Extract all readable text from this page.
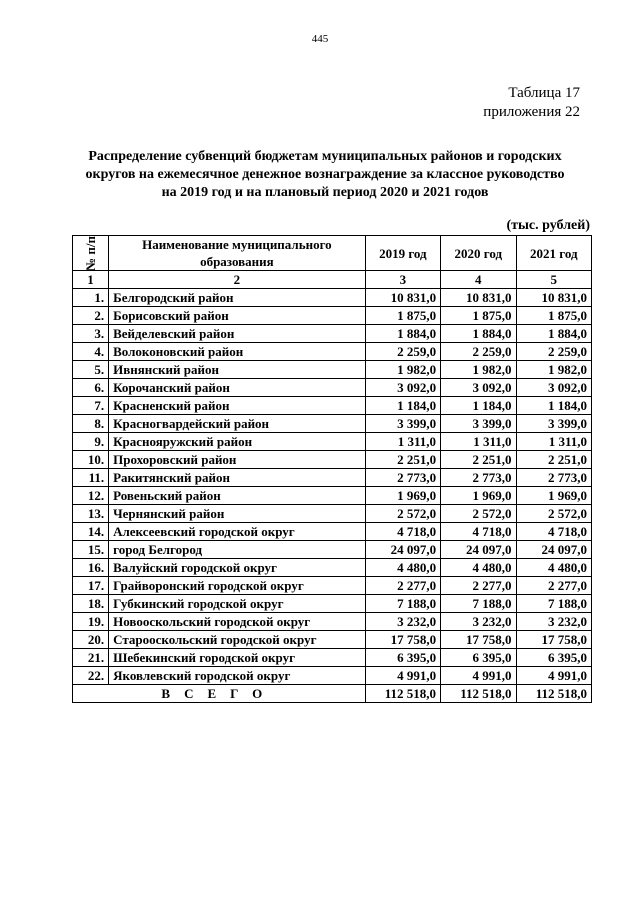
445
Таблица 17
приложения 22
Распределение субвенций бюджетам муниципальных районов и городских
округов на ежемесячное денежное вознаграждение за классное руководство
на 2019 год и на плановый период 2020 и 2021 годов
(тыс. рублей)
№ п/п	Наименование муниципального образования	2019 год	2020 год	2021 год
1	2	3	4	5
1.	Белгородский район	10 831,0	10 831,0	10 831,0
2.	Борисовский район	1 875,0	1 875,0	1 875,0
3.	Вейделевский район	1 884,0	1 884,0	1 884,0
4.	Волоконовский район	2 259,0	2 259,0	2 259,0
5.	Ивнянский район	1 982,0	1 982,0	1 982,0
6.	Корочанский район	3 092,0	3 092,0	3 092,0
7.	Красненский район	1 184,0	1 184,0	1 184,0
8.	Красногвардейский район	3 399,0	3 399,0	3 399,0
9.	Краснояружский район	1 311,0	1 311,0	1 311,0
10.	Прохоровский район	2 251,0	2 251,0	2 251,0
11.	Ракитянский район	2 773,0	2 773,0	2 773,0
12.	Ровеньский район	1 969,0	1 969,0	1 969,0
13.	Чернянский район	2 572,0	2 572,0	2 572,0
14.	Алексеевский городской округ	4 718,0	4 718,0	4 718,0
15.	город Белгород	24 097,0	24 097,0	24 097,0
16.	Валуйский городской округ	4 480,0	4 480,0	4 480,0
17.	Грайворонский городской округ	2 277,0	2 277,0	2 277,0
18.	Губкинский городской округ	7 188,0	7 188,0	7 188,0
19.	Новооскольский городской округ	3 232,0	3 232,0	3 232,0
20.	Старооскольский городской округ	17 758,0	17 758,0	17 758,0
21.	Шебекинский городской округ	6 395,0	6 395,0	6 395,0
22.	Яковлевский городской округ	4 991,0	4 991,0	4 991,0
ВСЕГО		112 518,0	112 518,0	112 518,0
